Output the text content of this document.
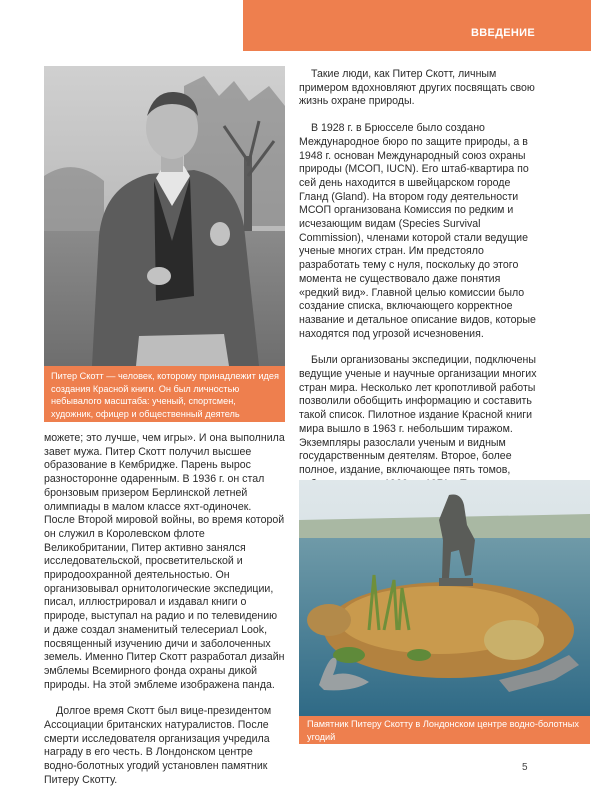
ВВЕДЕНИЕ
Питер Скотт — человек, которому принадлежит идея создания Красной книги. Он был личностью небывалого масштаба: ученый, спортсмен, художник, офицер и общественный деятель

Такие люди, как Питер Скотт, личным примером вдохновляют других посвящать свою жизнь охране природы.

В 1928 г. в Брюсселе было создано Международное бюро по защите природы, а в 1948 г. основан Международный союз охраны природы (МСОП, IUCN). Его штаб-квартира по сей день находится в швейцарском городе Гланд (Gland). На втором году деятельности МСОП организована Комиссия по редким и исчезающим видам (Species Survival Commission), членами которой стали ведущие ученые многих стран. Им предстояло разработать тему с нуля, поскольку до этого момента не существовало даже понятия «редкий вид». Главной целью комиссии было создание списка, включающего корректное название и детальное описание видов, которые находятся под угрозой исчезновения.

Были организованы экспедиции, подключены ведущие ученые и научные организации многих стран мира. Несколько лет кропотливой работы позволили обобщить информацию и составить такой список. Пилотное издание Красной книги мира вышло в 1963 г. небольшим тиражом. Экземпляры разослали ученым и видным государственным деятелям. Второе, более полное, издание, включающее пять томов,

можете; это лучше, чем игры». И она выполнила завет мужа. Питер Скотт получил высшее образование в Кембридже. Парень вырос разносторонне одаренным. В 1936 г. он стал бронзовым призером Берлинской летней олимпиады в малом классе яхт-одиночек. После Второй мировой войны, во время которой он служил в Королевском флоте Великобритании, Питер активно занялся исследовательской, просветительской и природоохранной деятельностью. Он организовывал орнитологические экспедиции, писал, иллюстрировал и издавал книги о природе, выступал на радио и по телевидению и даже создал знаменитый телесериал Look, посвященный изучению дичи и заболоченных земель. Именно Питер Скотт разработал дизайн эмблемы Всемирного фонда охраны дикой природы. На этой эмблеме изображена панда.

Долгое время Скотт был вице-президентом Ассоциации британских натуралистов. После смерти исследователя организация учредила награду в его честь. В Лондонском центре водно-болотных угодий установлен памятник Питеру Скотту.

Памятник Питеру Скотту в Лондонском центре водно-болотных угодий
5
